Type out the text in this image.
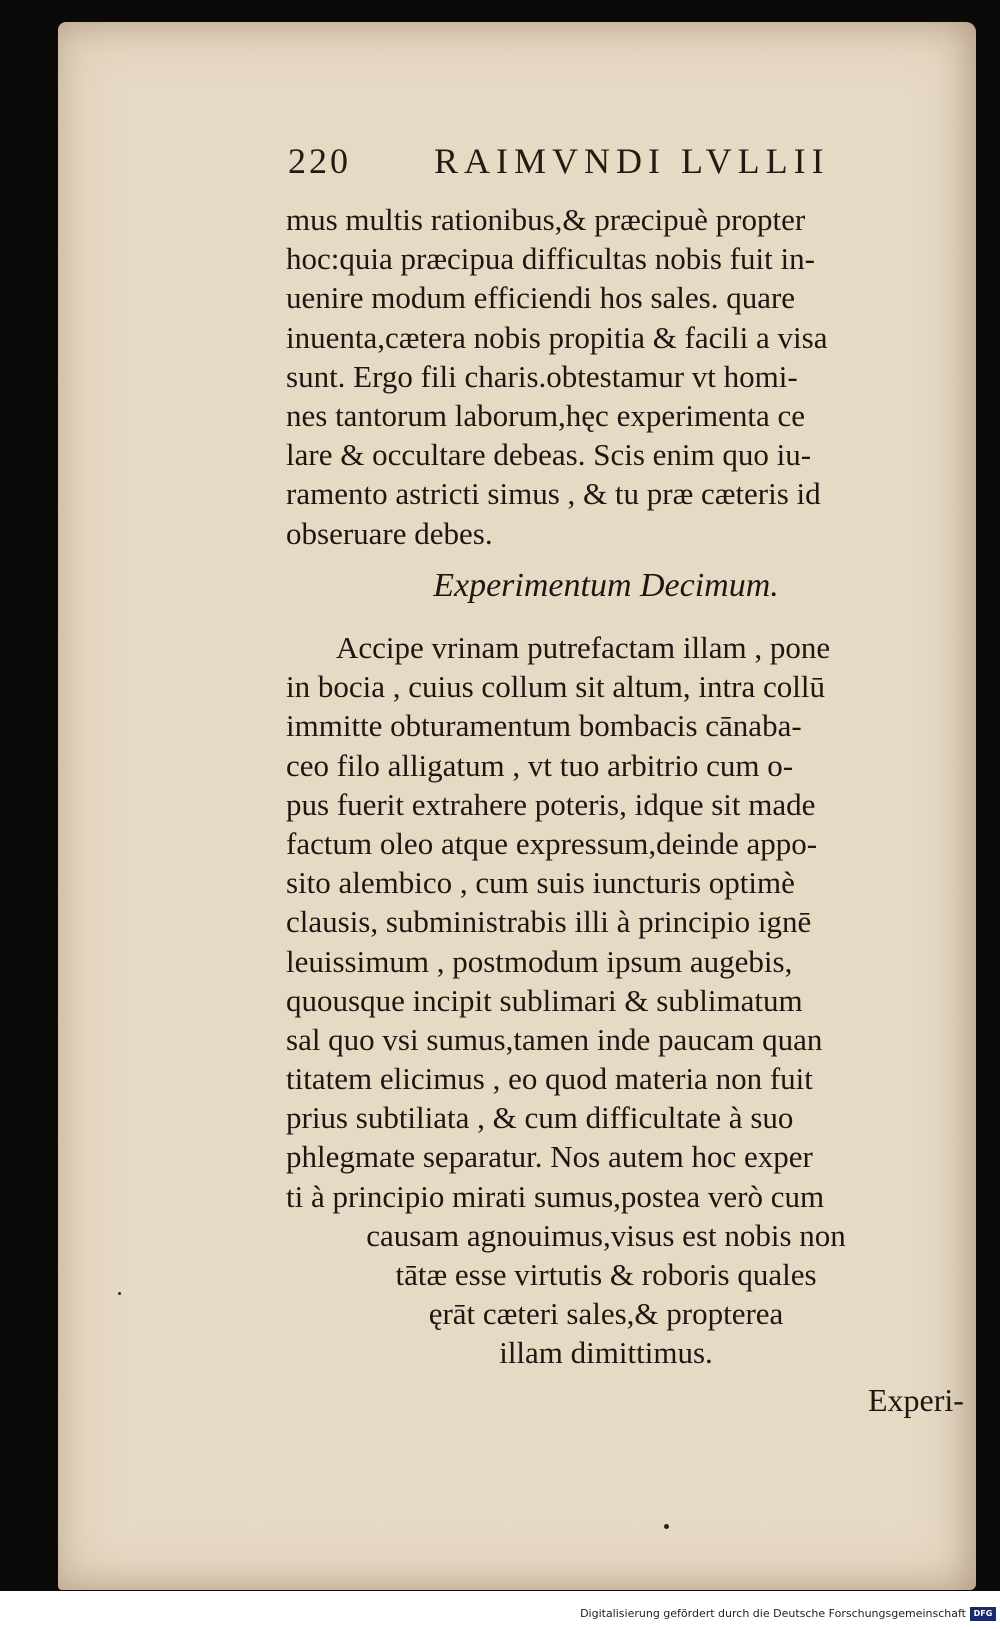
220 RAIMVNDI LVLLII
mus multis rationibus,& præcipuè propter
hoc:quia præcipua difficultas nobis fuit in-
uenire modum efficiendi hos sales. quare
inuenta,cætera nobis propitia & facili a visa
sunt. Ergo fili charis.obtestamur vt homi-
nes tantorum laborum,hęc experimenta ce
lare & occultare debeas. Scis enim quo iu-
ramento astricti simus , & tu præ cæteris id
obseruare debes.
Experimentum Decimum.
Accipe vrinam putrefactam illam , pone
in bocia , cuius collum sit altum, intra collū
immitte obturamentum bombacis cānaba-
ceo filo alligatum , vt tuo arbitrio cum o-
pus fuerit extrahere poteris, idque sit made
factum oleo atque expressum,deinde appo-
sito alembico , cum suis iuncturis optimè
clausis, subministrabis illi à principio ignē
leuissimum , postmodum ipsum augebis,
quousque incipit sublimari & sublimatum
sal quo vsi sumus,tamen inde paucam quan
titatem elicimus , eo quod materia non fuit
prius subtiliata , & cum difficultate à suo
phlegmate separatur. Nos autem hoc exper
ti à principio mirati sumus,postea verò cum
causam agnouimus,visus est nobis non
tātæ esse virtutis & roboris quales
ęrāt cæteri sales,& propterea
illam dimittimus.
Experi-
Digitalisierung gefördert durch die Deutsche Forschungsgemeinschaft DFG
